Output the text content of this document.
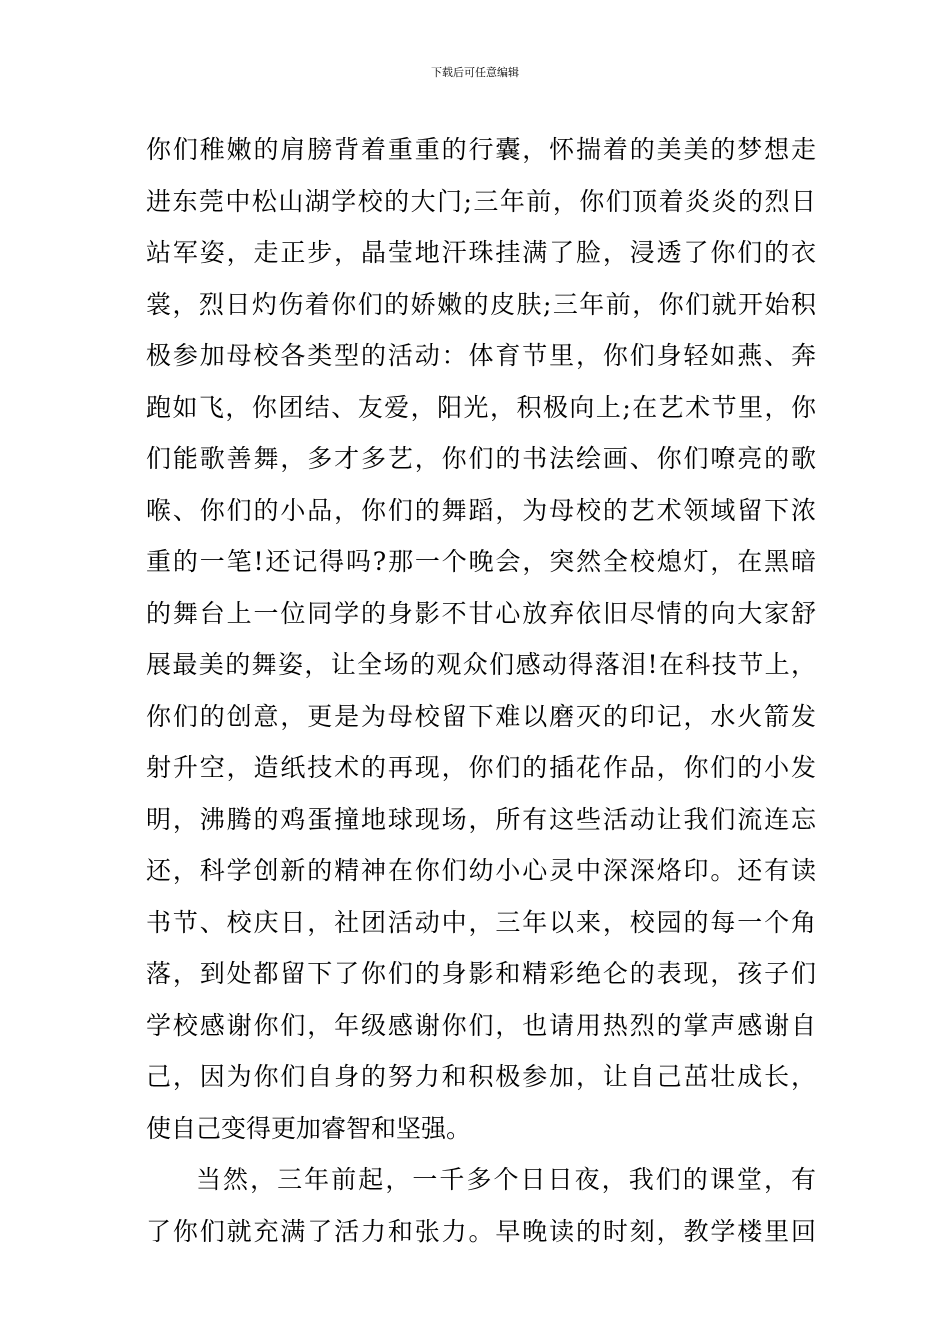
下载后可任意编辑
你们稚嫩的肩膀背着重重的行囊，怀揣着的美美的梦想走
进东莞中松山湖学校的大门;三年前，你们顶着炎炎的烈日
站军姿，走正步，晶莹地汗珠挂满了脸，浸透了你们的衣
裳，烈日灼伤着你们的娇嫩的皮肤;三年前，你们就开始积
极参加母校各类型的活动：体育节里，你们身轻如燕、奔
跑如飞，你团结、友爱，阳光，积极向上;在艺术节里，你
们能歌善舞，多才多艺，你们的书法绘画、你们嘹亮的歌
喉、你们的小品，你们的舞蹈，为母校的艺术领域留下浓
重的一笔!还记得吗?那一个晚会，突然全校熄灯，在黑暗
的舞台上一位同学的身影不甘心放弃依旧尽情的向大家舒
展最美的舞姿，让全场的观众们感动得落泪!在科技节上，
你们的创意，更是为母校留下难以磨灭的印记，水火箭发
射升空，造纸技术的再现，你们的插花作品，你们的小发
明，沸腾的鸡蛋撞地球现场，所有这些活动让我们流连忘
还，科学创新的精神在你们幼小心灵中深深烙印。还有读
书节、校庆日，社团活动中，三年以来，校园的每一个角
落，到处都留下了你们的身影和精彩绝仑的表现，孩子们
学校感谢你们，年级感谢你们，也请用热烈的掌声感谢自
己，因为你们自身的努力和积极参加，让自己茁壮成长，
使自己变得更加睿智和坚强。
当然，三年前起，一千多个日日夜，我们的课堂，有
了你们就充满了活力和张力。早晚读的时刻，教学楼里回
